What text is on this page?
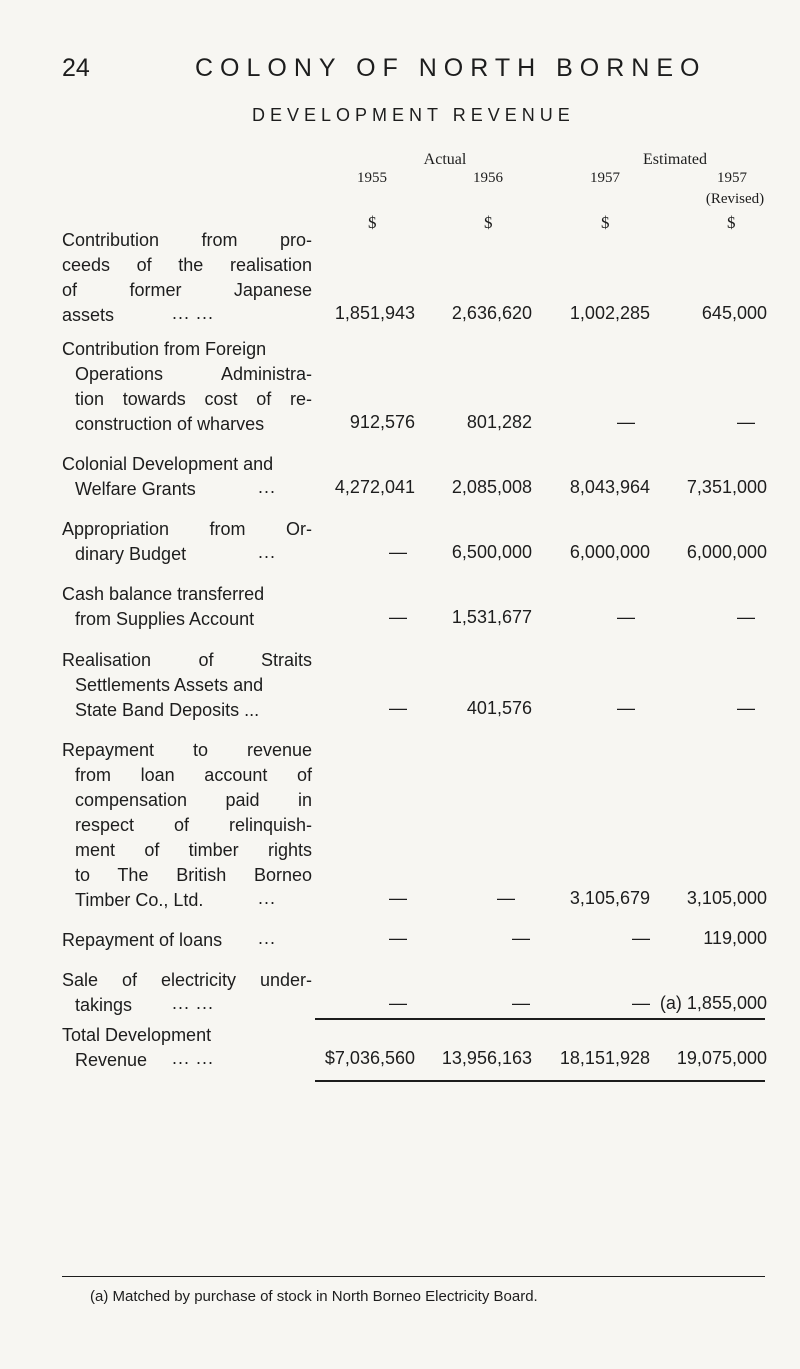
24	COLONY OF NORTH BORNEO
DEVELOPMENT REVENUE
Actual	Estimated
1955	1956	1957	1957
(Revised)
$	$	$	$
Contribution from pro-
ceeds of the realisation
of former Japanese
assets	... ...	1,851,943 2,636,620 1,002,285	645,000
Contribution from Foreign
Operations Administra-
tion towards cost of re-
construction of wharves	912,576	801,282	—	—
Colonial Development and
Welfare Grants	...	4,272,041 2,085,008 8,043,964 7,351,000
Appropriation from Or-
dinary Budget	...	— 6,500,000 6,000,000 6,000,000
Cash balance transferred
from Supplies Account	— 1,531,677	—	—
Realisation of Straits
Settlements Assets and
State Band Deposits ...	—	401,576	—	—
Repayment to revenue
from loan account of
compensation paid in
respect of relinquish-
ment of timber rights
to The British Borneo
Timber Co., Ltd.	...	—	—	3,105,679 3,105,000
Repayment of loans	...	—	—	—	119,000
Sale of electricity under-
takings	... ...	—	—	— (a) 1,855,000
Total Development
Revenue	... ...	$7,036,560 13,956,163 18,151,928 19,075,000
(a) Matched by purchase of stock in North Borneo Electricity Board.
